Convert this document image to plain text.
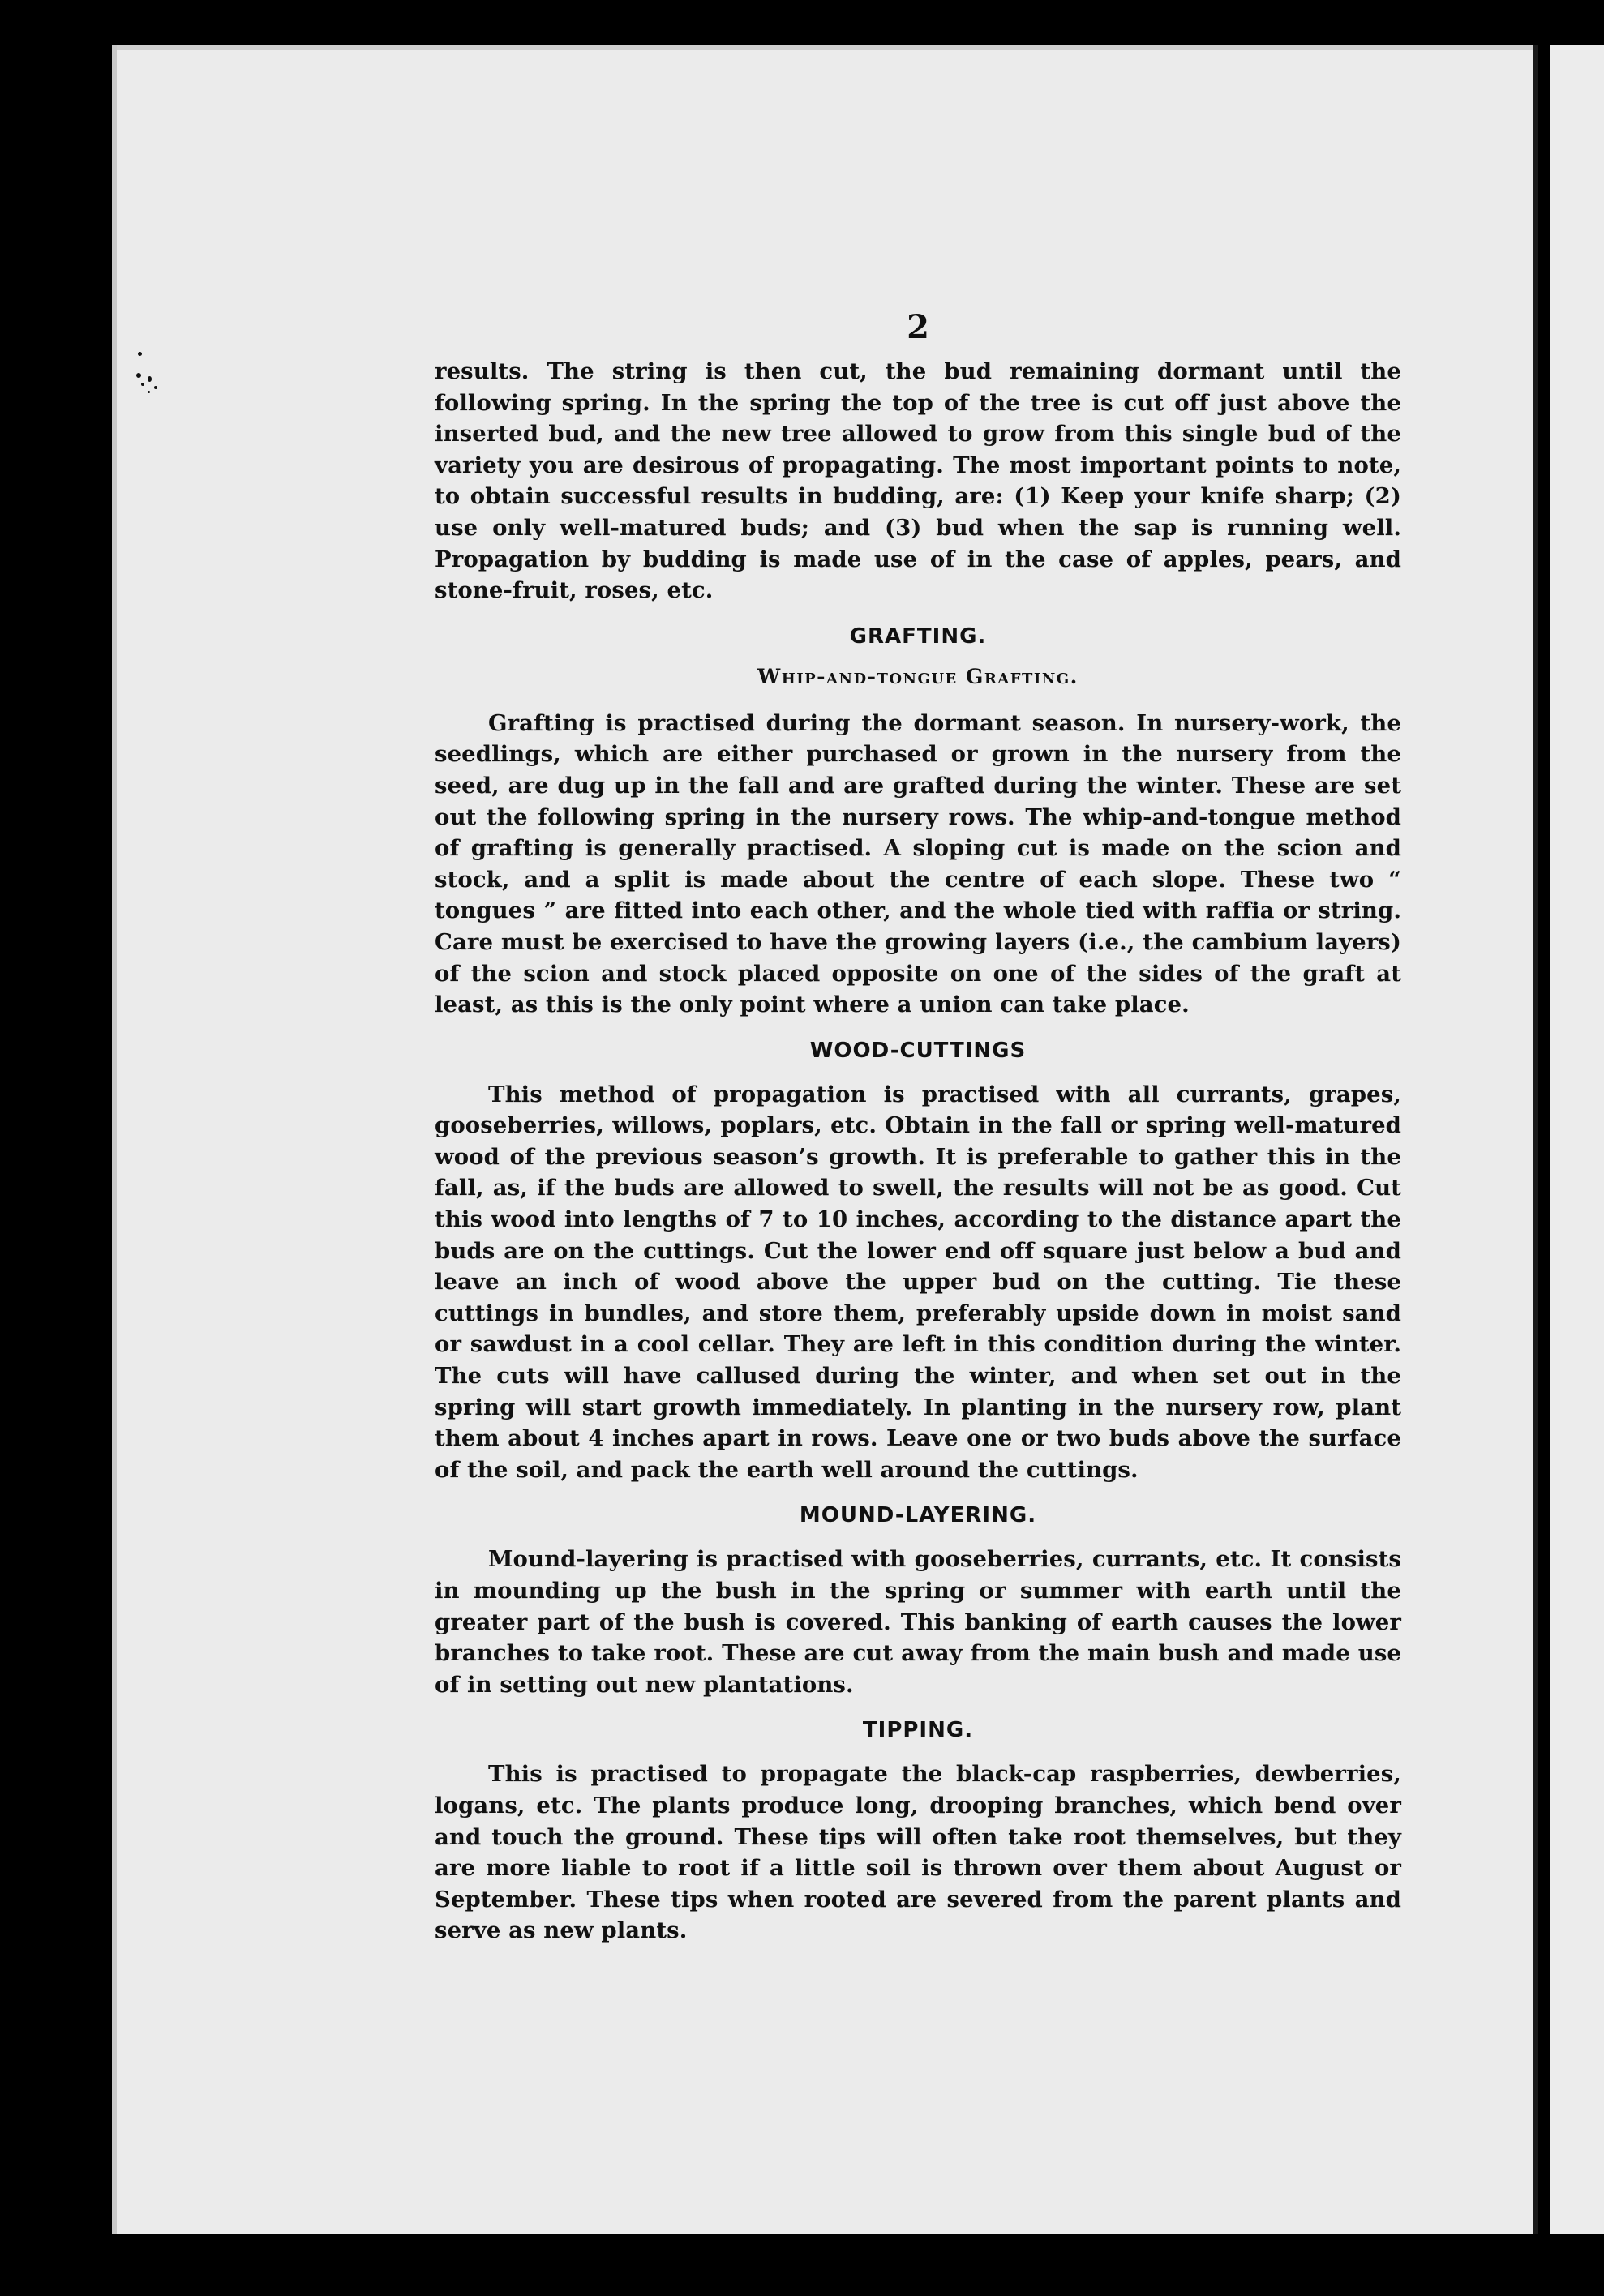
2

results. The string is then cut, the bud remaining dormant until the following spring. In the spring the top of the tree is cut off just above the inserted bud, and the new tree allowed to grow from this single bud of the variety you are desirous of propagating. The most important points to note, to obtain successful results in budding, are: (1) Keep your knife sharp; (2) use only well-matured buds; and (3) bud when the sap is running well. Propagation by budding is made use of in the case of apples, pears, and stone-fruit, roses, etc.

GRAFTING.
Whip-and-tongue Grafting.

Grafting is practised during the dormant season. In nursery-work, the seedlings, which are either purchased or grown in the nursery from the seed, are dug up in the fall and are grafted during the winter. These are set out the following spring in the nursery rows. The whip-and-tongue method of grafting is generally practised. A sloping cut is made on the scion and stock, and a split is made about the centre of each slope. These two “ tongues ” are fitted into each other, and the whole tied with raffia or string. Care must be exercised to have the growing layers (i.e., the cambium layers) of the scion and stock placed opposite on one of the sides of the graft at least, as this is the only point where a union can take place.

WOOD-CUTTINGS

This method of propagation is practised with all currants, grapes, gooseberries, willows, poplars, etc. Obtain in the fall or spring well-matured wood of the previous season’s growth. It is preferable to gather this in the fall, as, if the buds are allowed to swell, the results will not be as good. Cut this wood into lengths of 7 to 10 inches, according to the distance apart the buds are on the cuttings. Cut the lower end off square just below a bud and leave an inch of wood above the upper bud on the cutting. Tie these cuttings in bundles, and store them, preferably upside down in moist sand or sawdust in a cool cellar. They are left in this condition during the winter. The cuts will have callused during the winter, and when set out in the spring will start growth immediately. In planting in the nursery row, plant them about 4 inches apart in rows. Leave one or two buds above the surface of the soil, and pack the earth well around the cuttings.

MOUND-LAYERING.

Mound-layering is practised with gooseberries, currants, etc. It consists in mounding up the bush in the spring or summer with earth until the greater part of the bush is covered. This banking of earth causes the lower branches to take root. These are cut away from the main bush and made use of in setting out new plantations.

TIPPING.

This is practised to propagate the black-cap raspberries, dewberries, logans, etc. The plants produce long, drooping branches, which bend over and touch the ground. These tips will often take root themselves, but they are more liable to root if a little soil is thrown over them about August or September. These tips when rooted are severed from the parent plants and serve as new plants.
